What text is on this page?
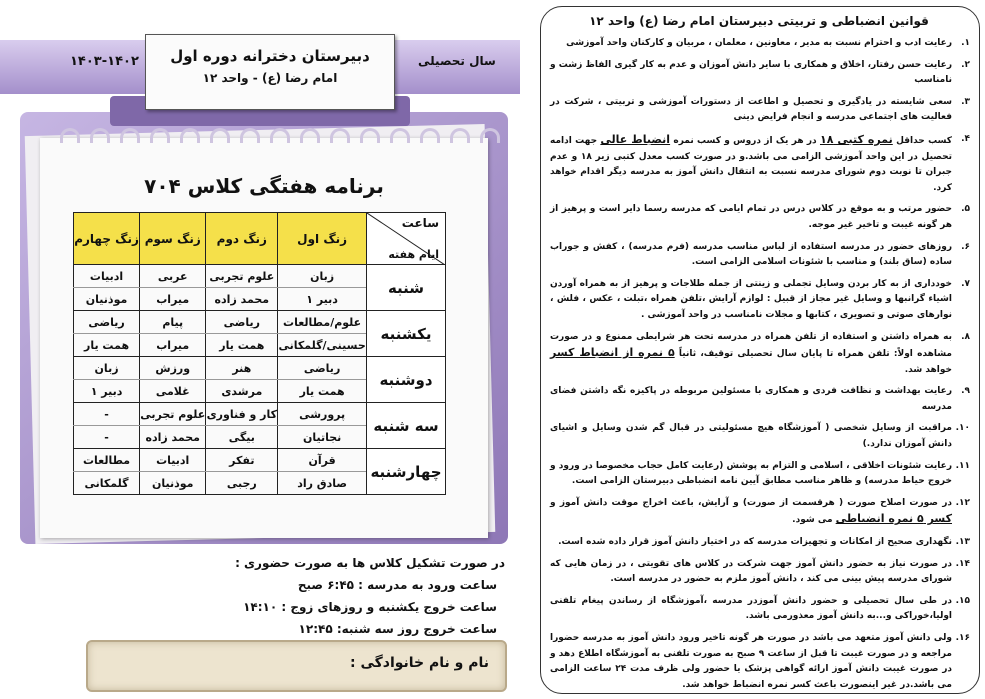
سال تحصیلی
۱۴۰۳-۱۴۰۲	دبیرستان دخترانه دوره اول
امام رضا (ع) - واحد ۱۲
برنامه هفتگی کلاس ۷۰۴
ساعت
ایام هفته	زنگ اول	زنگ دوم	زنگ سوم	زنگ چهارم
شنبه	زبان	علوم تجربی	عربی	ادبیات
	دبیر ۱	محمد زاده	میراب	موذنیان
یکشنبه	علوم/مطالعات	ریاضی	پیام	ریاضی
	حسینی/گلمکانی	همت یار	میراب	همت یار
دوشنبه	ریاضی	هنر	ورزش	زبان
	همت یار	مرشدی	غلامی	دبیر ۱
سه شنبه	پرورشی	کار و فناوری	علوم تجربی	-
	نجاتیان	بیگی	محمد زاده	-
چهارشنبه	قرآن	تفکر	ادبیات	مطالعات
	صادق راد	رجبی	موذنیان	گلمکانی
در صورت تشکیل کلاس ها به صورت حضوری :
ساعت ورود به مدرسه : ۶:۴۵ صبح
ساعت خروج یکشنبه و روزهای زوج : ۱۴:۱۰
ساعت خروج روز سه شنبه: ۱۲:۴۵
نام و نام خانوادگی :
قوانین انضباطی و تربیتی دبیرستان امام رضا (ع) واحد ۱۲
۱.
رعایت ادب و احترام نسبت به مدیر ، معاونین ، معلمان ، مربیان و کارکنان واحد آموزشی
۲.
رعایت حسن رفتار، اخلاق و همکاری با سایر دانش آموزان و عدم به کار گیری الفاظ زشت و نامناسب
۳.
سعی شایسته در یادگیری و تحصیل و اطاعت از دستورات آموزشی و تربیتی ، شرکت در فعالیت های اجتماعی مدرسه و انجام فرایض دینی
۴.
کسب حداقل نمره کتبی ۱۸ در هر یک از دروس و کسب نمره انضباط عالی جهت ادامه تحصیل در این واحد آموزشی الزامی می باشد.و در صورت کسب معدل کتبی زیر ۱۸ و عدم جبران تا نوبت دوم شورای مدرسه نسبت به انتقال دانش آموز به مدرسه دیگر اقدام خواهد کرد.
۵.
حضور مرتب و به موقع در کلاس درس در تمام ایامی که مدرسه رسما دایر است و پرهیز از هر گونه غیبت و تاخیر غیر موجه.
۶.
روزهای حضور در مدرسه استفاده از لباس مناسب مدرسه (فرم مدرسه) ، کفش و جوراب ساده (ساق بلند) و مناسب با شئونات اسلامی الزامی است.
۷.
خودداری از به کار بردن وسایل تجملی و زینتی از جمله طلاجات و پرهیز از به همراه آوردن اشیاء گرانبها و وسایل غیر مجاز از قبیل : لوازم آرایش ،تلفن همراه ،تبلت ، عکس ، فلش ، نوارهای صوتی و تصویری ، کتابها و مجلات نامناسب در واحد آموزشی .
۸.
به همراه داشتن و استفاده از تلفن همراه در مدرسه تحت هر شرایطی ممنوع و در صورت مشاهده اولاً: تلفن همراه تا پایان سال تحصیلی توقیف، ثانیاً ۵ نمره از انضباط کسر خواهد شد.
۹.
رعایت بهداشت و نظافت فردی و همکاری با مسئولین مربوطه در پاکیزه نگه داشتن فضای مدرسه
۱۰.
مراقبت از وسایل شخصی ( آموزشگاه هیچ مسئولیتی در قبال گم شدن وسایل و اشیای دانش آموزان ندارد.)
۱۱.
رعایت شئونات اخلاقی ، اسلامی و التزام به پوشش (رعایت کامل حجاب مخصوصا در ورود و خروج حیاط مدرسه) و ظاهر مناسب مطابق آیین نامه انضباطی دبیرستان الزامی است.
۱۲.
در صورت اصلاح صورت ( هرقسمت از صورت) و آرایش، باعث اخراج موقت دانش آموز و کسر ۵ نمره انضباطی می شود.
۱۳.
نگهداری صحیح از امکانات و تجهیزات مدرسه که در اختیار دانش آموز قرار داده شده است.
۱۴.
در صورت نیاز به حضور دانش آموز جهت شرکت در کلاس های تقویتی ، در زمان هایی که شورای مدرسه پیش بینی می کند ، دانش آموز ملزم به حضور در مدرسه است.
۱۵.
در طی سال تحصیلی و حضور دانش آموزدر مدرسه ،آموزشگاه از رساندن پیغام تلفنی اولیا،خوراکی و...به دانش آموز معذورمی باشد.
۱۶.
ولی دانش آموز متعهد می باشد در صورت هر گونه تاخیر ورود دانش آموز به مدرسه حضورا مراجعه و در صورت غیبت تا قبل از ساعت ۹ صبح به صورت تلفنی به آموزشگاه اطلاع دهد و در صورت غیبت دانش آموز ارائه گواهی پزشک یا حضور ولی ظرف مدت ۲۴ ساعت الزامی می باشد.در غیر اینصورت باعث کسر نمره انضباط خواهد شد.
